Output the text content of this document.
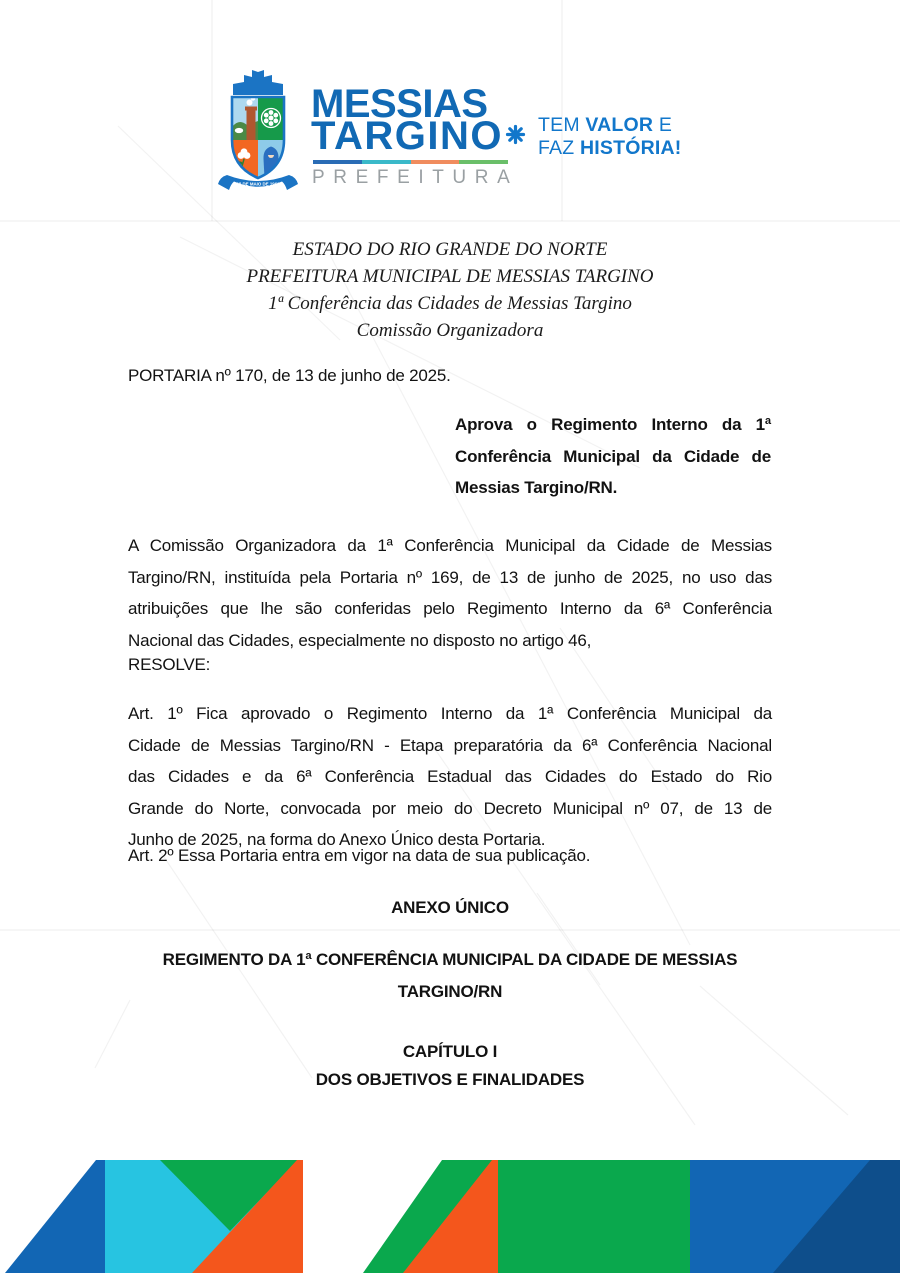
08 DE MAIO DE 1962
MESSIAS
TARGINO
PREFEITURA
TEM VALOR E
FAZ HISTÓRIA!
ESTADO DO RIO GRANDE DO NORTE
PREFEITURA MUNICIPAL DE MESSIAS TARGINO
1ª Conferência das Cidades de Messias Targino
Comissão Organizadora
PORTARIA nº 170, de 13 de junho de 2025.
Aprova o Regimento Interno da 1ª
Conferência Municipal da Cidade de
Messias Targino/RN.
A Comissão Organizadora da 1ª Conferência Municipal da Cidade de Messias
Targino/RN, instituída pela Portaria nº 169, de 13 de junho de 2025, no uso das
atribuições que lhe são conferidas pelo Regimento Interno da 6ª Conferência
Nacional das Cidades, especialmente no disposto no artigo 46,
RESOLVE:
Art. 1º Fica aprovado o Regimento Interno da 1ª Conferência Municipal da
Cidade de Messias Targino/RN - Etapa preparatória da 6ª Conferência Nacional
das Cidades e da 6ª Conferência Estadual das Cidades do Estado do Rio
Grande do Norte, convocada por meio do Decreto Municipal nº 07, de 13 de
Junho de 2025, na forma do Anexo Único desta Portaria.
Art. 2º Essa Portaria entra em vigor na data de sua publicação.
ANEXO ÚNICO
REGIMENTO DA 1ª CONFERÊNCIA MUNICIPAL DA CIDADE DE MESSIAS
TARGINO/RN
CAPÍTULO I
DOS OBJETIVOS E FINALIDADES
